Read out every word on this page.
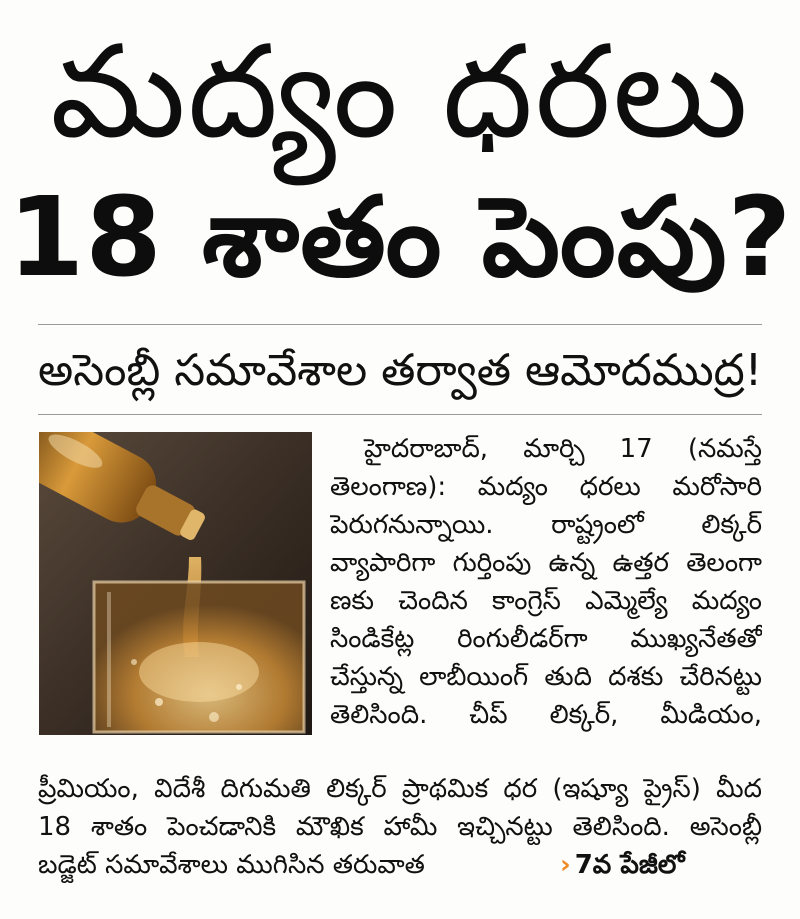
మద్యం ధరలు
18 శాతం పెంపు?
అసెంబ్లీ సమావేశాల తర్వాత ఆమోదముద్ర!
హైదరాబాద్, మార్చి 17 (నమస్తే
తెలంగాణ): మద్యం ధరలు మరోసారి
పెరుగనున్నాయి. రాష్ట్రంలో లిక్కర్
వ్యాపారిగా గుర్తింపు ఉన్న ఉత్తర తెలంగా
ణకు చెందిన కాంగ్రెస్ ఎమ్మెల్యే మద్యం
సిండికేట్ల రింగులీడర్‌గా ముఖ్యనేతతో
చేస్తున్న లాబీయింగ్ తుది దశకు చేరినట్టు
తెలిసింది. చీప్ లిక్కర్, మీడియం,
ప్రీమియం, విదేశీ దిగుమతి లిక్కర్ ప్రాథమిక ధర (ఇష్యూ ప్రైస్) మీద
18 శాతం పెంచడానికి మౌఖిక హామీ ఇచ్చినట్టు తెలిసింది. అసెంబ్లీ
బడ్జెట్ సమావేశాలు ముగిసిన తరువాత	› 7వ పేజీలో
